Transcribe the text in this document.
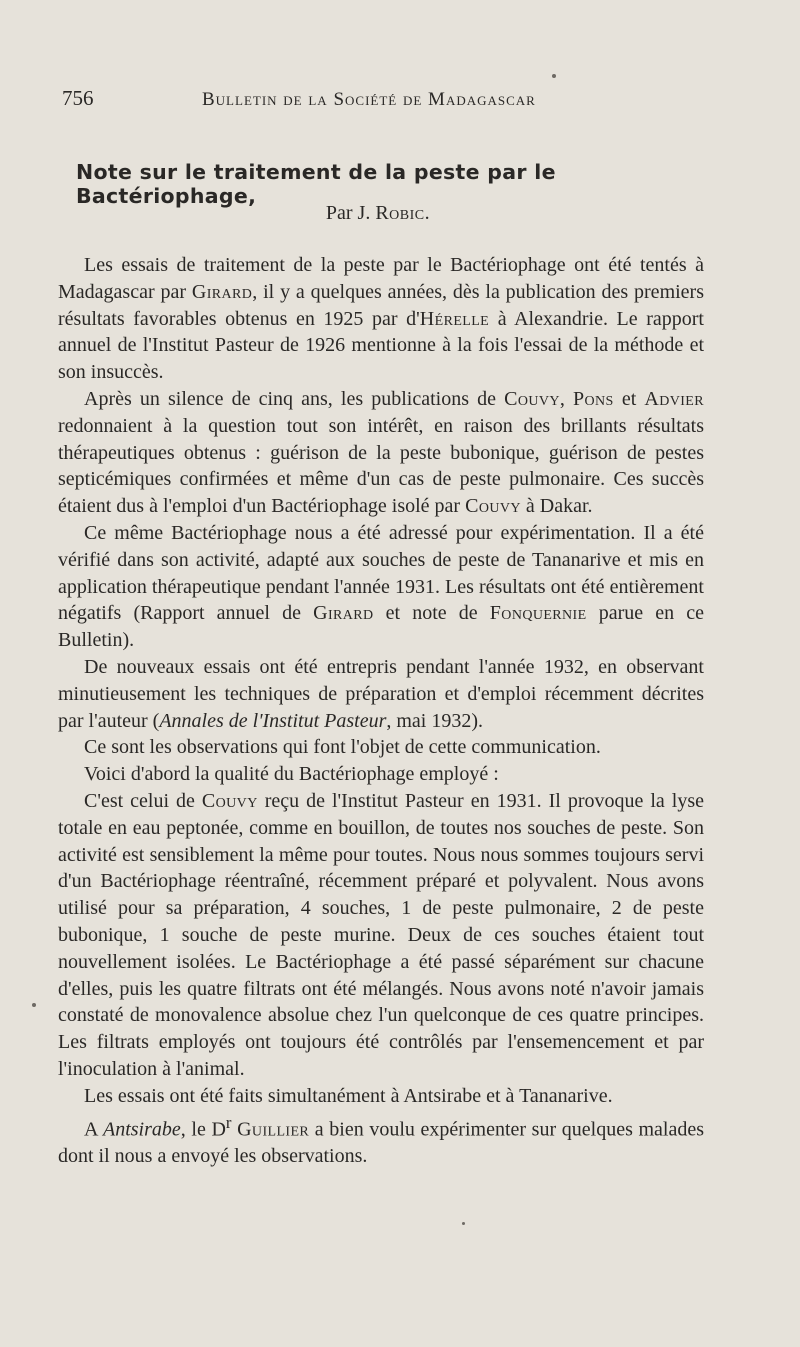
756	Bulletin de la Société de Madagascar
Note sur le traitement de la peste par le Bactériophage,
Par J. Robic.

Les essais de traitement de la peste par le Bactériophage ont été tentés à Madagascar par Girard, il y a quelques années, dès la publication des premiers résultats favorables obtenus en 1925 par d'Hérelle à Alexandrie. Le rapport annuel de l'Institut Pasteur de 1926 mentionne à la fois l'essai de la méthode et son insuccès.

Après un silence de cinq ans, les publications de Couvy, Pons et Advier redonnaient à la question tout son intérêt, en raison des brillants résultats thérapeutiques obtenus : guérison de la peste bubonique, guérison de pestes septicémiques confirmées et même d'un cas de peste pulmonaire. Ces succès étaient dus à l'emploi d'un Bactériophage isolé par Couvy à Dakar.

Ce même Bactériophage nous a été adressé pour expérimentation. Il a été vérifié dans son activité, adapté aux souches de peste de Tananarive et mis en application thérapeutique pendant l'année 1931. Les résultats ont été entièrement négatifs (Rapport annuel de Girard et note de Fonquernie parue en ce Bulletin).

De nouveaux essais ont été entrepris pendant l'année 1932, en observant minutieusement les techniques de préparation et d'emploi récemment décrites par l'auteur (Annales de l'Institut Pasteur, mai 1932).

Ce sont les observations qui font l'objet de cette communication.

Voici d'abord la qualité du Bactériophage employé :

C'est celui de Couvy reçu de l'Institut Pasteur en 1931. Il provoque la lyse totale en eau peptonée, comme en bouillon, de toutes nos souches de peste. Son activité est sensiblement la même pour toutes. Nous nous sommes toujours servi d'un Bactériophage réentraîné, récemment préparé et polyvalent. Nous avons utilisé pour sa préparation, 4 souches, 1 de peste pulmonaire, 2 de peste bubonique, 1 souche de peste murine. Deux de ces souches étaient tout nouvellement isolées. Le Bactériophage a été passé séparément sur chacune d'elles, puis les quatre filtrats ont été mélangés. Nous avons noté n'avoir jamais constaté de monovalence absolue chez l'un quelconque de ces quatre principes. Les filtrats employés ont toujours été contrôlés par l'ensemencement et par l'inoculation à l'animal.

Les essais ont été faits simultanément à Antsirabe et à Tananarive.

A Antsirabe, le $D^r$ Guillier a bien voulu expérimenter sur quelques malades dont il nous a envoyé les observations.
